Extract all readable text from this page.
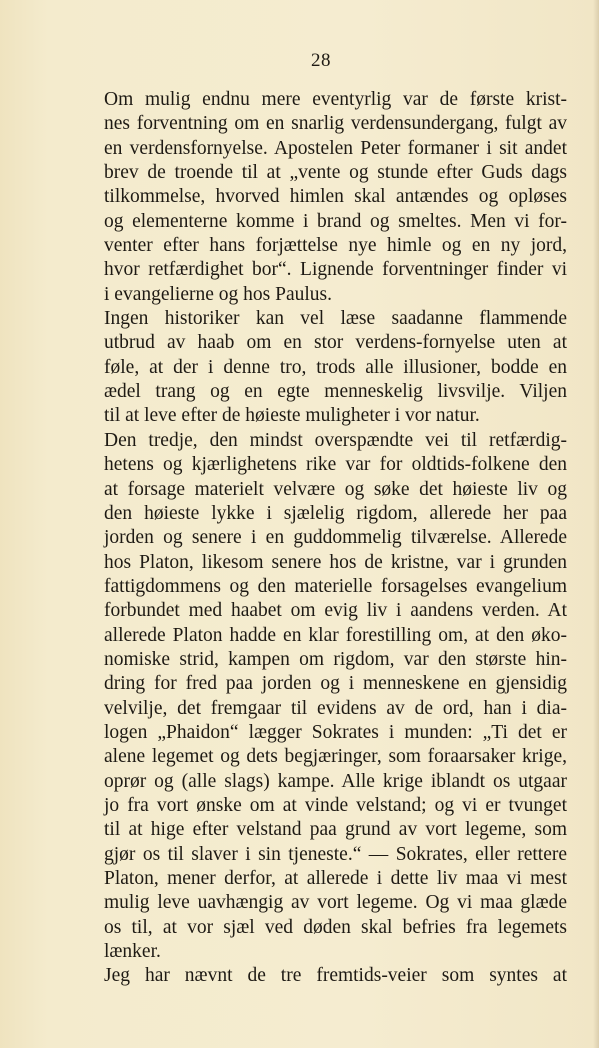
28
Om mulig endnu mere eventyrlig var de første krist-
nes forventning om en snarlig verdensundergang, fulgt av
en verdensfornyelse. Apostelen Peter formaner i sit andet
brev de troende til at „vente og stunde efter Guds dags
tilkommelse, hvorved himlen skal antændes og opløses
og elementerne komme i brand og smeltes. Men vi for-
venter efter hans forjættelse nye himle og en ny jord,
hvor retfærdighet bor“. Lignende forventninger finder vi
i evangelierne og hos Paulus.
Ingen historiker kan vel læse saadanne flammende
utbrud av haab om en stor verdens-fornyelse uten at
føle, at der i denne tro, trods alle illusioner, bodde en
ædel trang og en egte menneskelig livsvilje. Viljen
til at leve efter de høieste muligheter i vor natur.
Den tredje, den mindst overspændte vei til retfærdig-
hetens og kjærlighetens rike var for oldtids-folkene den
at forsage materielt velvære og søke det høieste liv og
den høieste lykke i sjælelig rigdom, allerede her paa
jorden og senere i en guddommelig tilværelse. Allerede
hos Platon, likesom senere hos de kristne, var i grunden
fattigdommens og den materielle forsagelses evangelium
forbundet med haabet om evig liv i aandens verden. At
allerede Platon hadde en klar forestilling om, at den øko-
nomiske strid, kampen om rigdom, var den største hin-
dring for fred paa jorden og i menneskene en gjensidig
velvilje, det fremgaar til evidens av de ord, han i dia-
logen „Phaidon“ lægger Sokrates i munden: „Ti det er
alene legemet og dets begjæringer, som foraarsaker krige,
oprør og (alle slags) kampe. Alle krige iblandt os utgaar
jo fra vort ønske om at vinde velstand; og vi er tvunget
til at hige efter velstand paa grund av vort legeme, som
gjør os til slaver i sin tjeneste.“ — Sokrates, eller rettere
Platon, mener derfor, at allerede i dette liv maa vi mest
mulig leve uavhængig av vort legeme. Og vi maa glæde
os til, at vor sjæl ved døden skal befries fra legemets
lænker.
Jeg har nævnt de tre fremtids-veier som syntes at
